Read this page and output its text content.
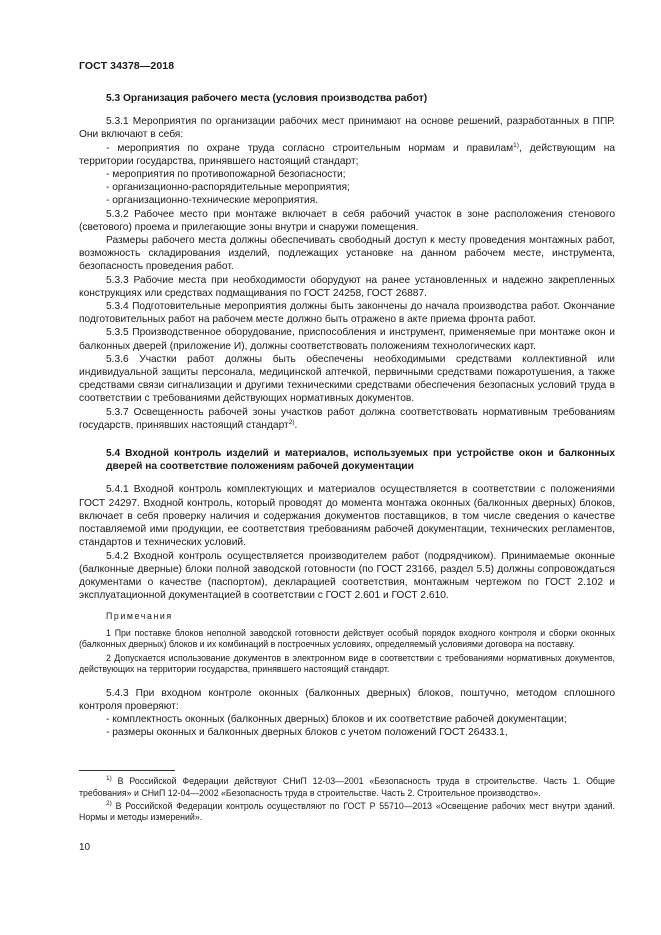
ГОСТ 34378—2018

5.3 Организация рабочего места (условия производства работ)

5.3.1 Мероприятия по организации рабочих мест принимают на основе решений, разработанных в ППР. Они включают в себя:

- мероприятия по охране труда согласно строительным нормам и правилам$^{1)}$, действующим на территории государства, принявшего настоящий стандарт;

- мероприятия по противопожарной безопасности;

- организационно-распорядительные мероприятия;

- организационно-технические мероприятия.

5.3.2 Рабочее место при монтаже включает в себя рабочий участок в зоне расположения стенового (светового) проема и прилегающие зоны внутри и снаружи помещения.

Размеры рабочего места должны обеспечивать свободный доступ к месту проведения монтажных работ, возможность складирования изделий, подлежащих установке на данном рабочем месте, инструмента, безопасность проведения работ.

5.3.3 Рабочие места при необходимости оборудуют на ранее установленных и надежно закрепленных конструкциях или средствах подмащивания по ГОСТ 24258, ГОСТ 26887.

5.3.4 Подготовительные мероприятия должны быть закончены до начала производства работ. Окончание подготовительных работ на рабочем месте должно быть отражено в акте приема фронта работ.

5.3.5 Производственное оборудование, приспособления и инструмент, применяемые при монтаже окон и балконных дверей (приложение И), должны соответствовать положениям технологических карт.

5.3.6 Участки работ должны быть обеспечены необходимыми средствами коллективной или индивидуальной защиты персонала, медицинской аптечкой, первичными средствами пожаротушения, а также средствами связи сигнализации и другими техническими средствами обеспечения безопасных условий труда в соответствии с требованиями действующих нормативных документов.

5.3.7 Освещенность рабочей зоны участков работ должна соответствовать нормативным требованиям государств, принявших настоящий стандарт$^{2)}$.

5.4 Входной контроль изделий и материалов, используемых при устройстве окон и балконных дверей на соответствие положениям рабочей документации

5.4.1 Входной контроль комплектующих и материалов осуществляется в соответствии с положениями ГОСТ 24297. Входной контроль, который проводят до момента монтажа оконных (балконных дверных) блоков, включает в себя проверку наличия и содержания документов поставщиков, в том числе сведения о качестве поставляемой ими продукции, ее соответствия требованиям рабочей документации, технических регламентов, стандартов и технических условий.

5.4.2 Входной контроль осуществляется производителем работ (подрядчиком). Принимаемые оконные (балконные дверные) блоки полной заводской готовности (по ГОСТ 23166, раздел 5.5) должны сопровождаться документами о качестве (паспортом), декларацией соответствия, монтажным чертежом по ГОСТ 2.102 и эксплуатационной документацией в соответствии с ГОСТ 2.601 и ГОСТ 2.610.

Примечания

1 При поставке блоков неполной заводской готовности действует особый порядок входного контроля и сборки оконных (балконных дверных) блоков и их комбинаций в построечных условиях, определяемый условиями договора на поставку.

2 Допускается использование документов в электронном виде в соответствии с требованиями нормативных документов, действующих на территории государства, принявшего настоящий стандарт.

5.4.3 При входном контроле оконных (балконных дверных) блоков, поштучно, методом сплошного контроля проверяют:

- комплектность оконных (балконных дверных) блоков и их соответствие рабочей документации;

- размеры оконных и балконных дверных блоков с учетом положений ГОСТ 26433.1,

$^{1)}$ В Российской Федерации действуют СНиП 12-03—2001 «Безопасность труда в строительстве. Часть 1. Общие требования» и СНиП 12-04—2002 «Безопасность труда в строительстве. Часть 2. Строительное производство».

$^{2)}$ В Российской Федерации контроль осуществляют по ГОСТ Р 55710—2013 «Освещение рабочих мест внутри зданий. Нормы и методы измерений».

10
